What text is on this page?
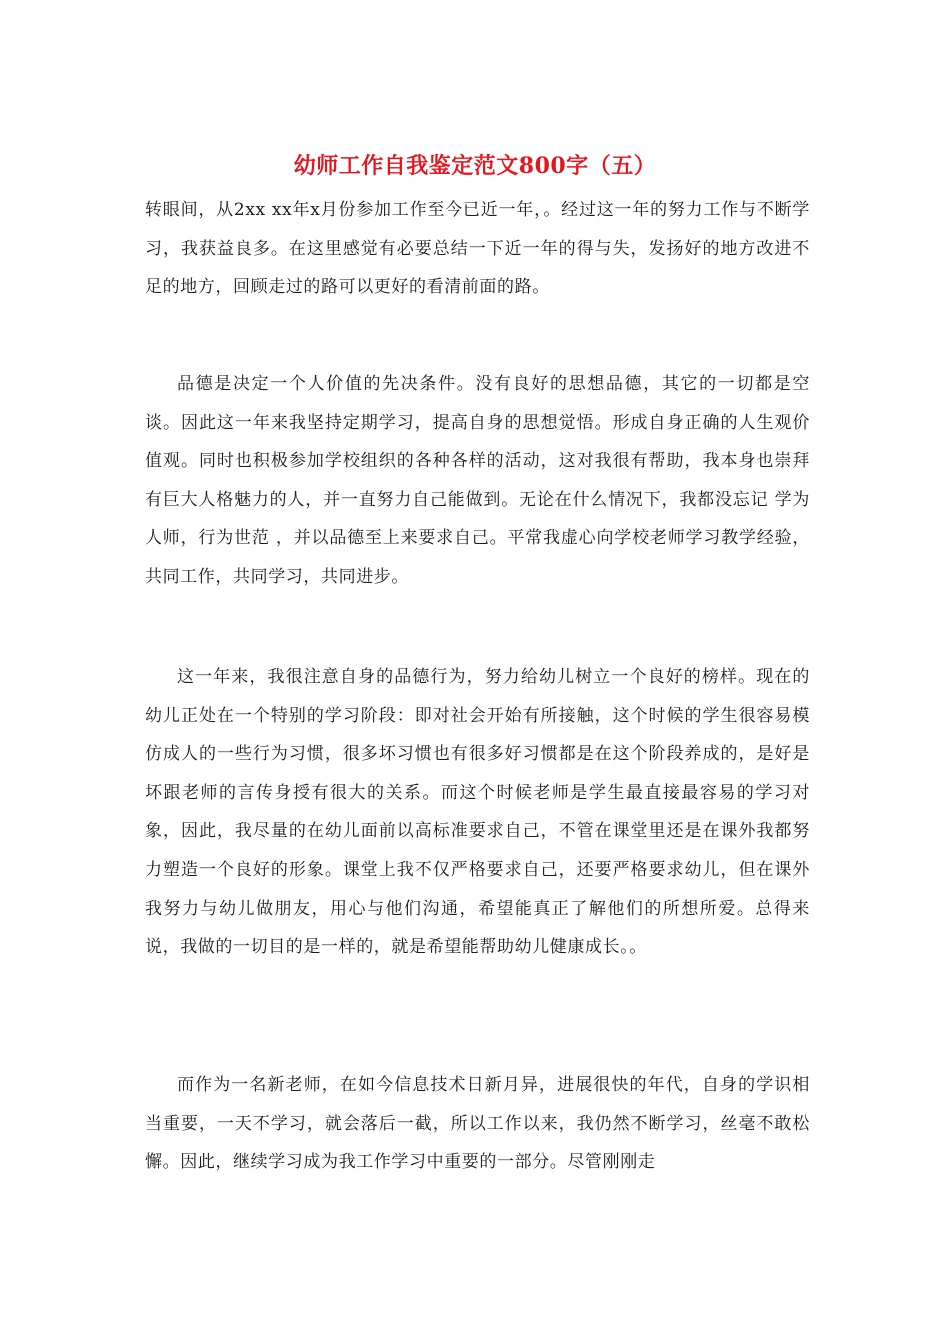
幼师工作自我鉴定范文800字（五）

转眼间，从2xx xx年x月份参加工作至今已近一年，。经过这一年的努力工作与不断学习，我获益良多。在这里感觉有必要总结一下近一年的得与失，发扬好的地方改进不足的地方，回顾走过的路可以更好的看清前面的路。

品德是决定一个人价值的先决条件。没有良好的思想品德，其它的一切都是空谈。因此这一年来我坚持定期学习，提高自身的思想觉悟。形成自身正确的人生观价值观。同时也积极参加学校组织的各种各样的活动，这对我很有帮助，我本身也崇拜有巨大人格魅力的人，并一直努力自己能做到。无论在什么情况下，我都没忘记 学为人师，行为世范 ，并以品德至上来要求自己。平常我虚心向学校老师学习教学经验，共同工作，共同学习，共同进步。

这一年来，我很注意自身的品德行为，努力给幼儿树立一个良好的榜样。现在的幼儿正处在一个特别的学习阶段：即对社会开始有所接触，这个时候的学生很容易模仿成人的一些行为习惯，很多坏习惯也有很多好习惯都是在这个阶段养成的，是好是坏跟老师的言传身授有很大的关系。而这个时候老师是学生最直接最容易的学习对象，因此，我尽量的在幼儿面前以高标准要求自己，不管在课堂里还是在课外我都努力塑造一个良好的形象。课堂上我不仅严格要求自己，还要严格要求幼儿，但在课外我努力与幼儿做朋友，用心与他们沟通，希望能真正了解他们的所想所爱。总得来说，我做的一切目的是一样的，就是希望能帮助幼儿健康成长。。

而作为一名新老师，在如今信息技术日新月异，进展很快的年代，自身的学识相当重要，一天不学习，就会落后一截，所以工作以来，我仍然不断学习，丝毫不敢松懈。因此，继续学习成为我工作学习中重要的一部分。尽管刚刚走
